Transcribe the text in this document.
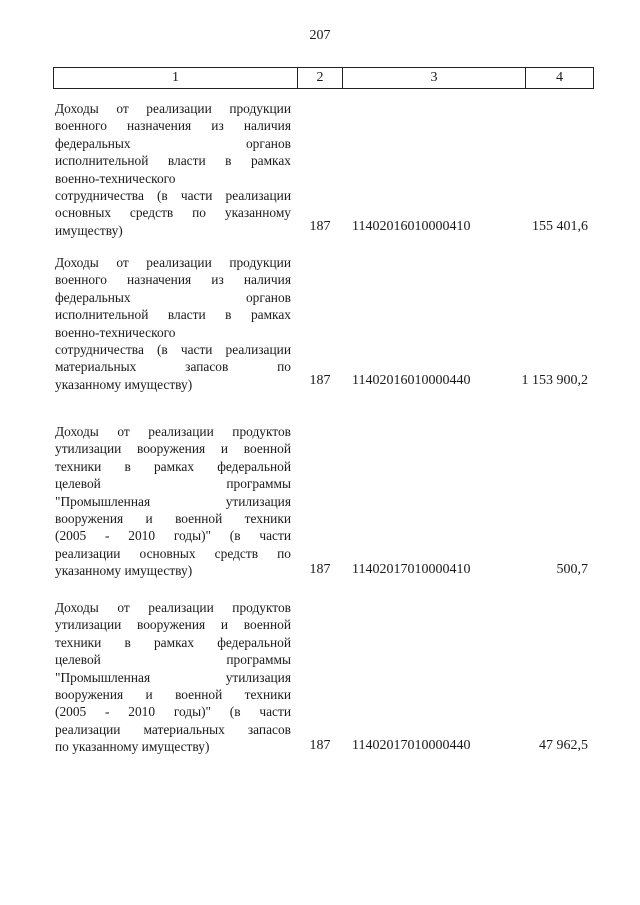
207
1	2	3	4
Доходы от реализации продукции
военного назначения из наличия
федеральных органов
исполнительной власти в рамках
военно-технического
сотрудничества (в части реализации
основных средств по указанному
имуществу)	187	11402016010000410	155 401,6
Доходы от реализации продукции
военного назначения из наличия
федеральных органов
исполнительной власти в рамках
военно-технического
сотрудничества (в части реализации
материальных запасов по
указанному имуществу)	187	11402016010000440	1 153 900,2
Доходы от реализации продуктов
утилизации вооружения и военной
техники в рамках федеральной
целевой программы
"Промышленная утилизация
вооружения и военной техники
(2005 - 2010 годы)" (в части
реализации основных средств по
указанному имуществу)	187	11402017010000410	500,7
Доходы от реализации продуктов
утилизации вооружения и военной
техники в рамках федеральной
целевой программы
"Промышленная утилизация
вооружения и военной техники
(2005 - 2010 годы)" (в части
реализации материальных запасов
по указанному имуществу)	187	11402017010000440	47 962,5
